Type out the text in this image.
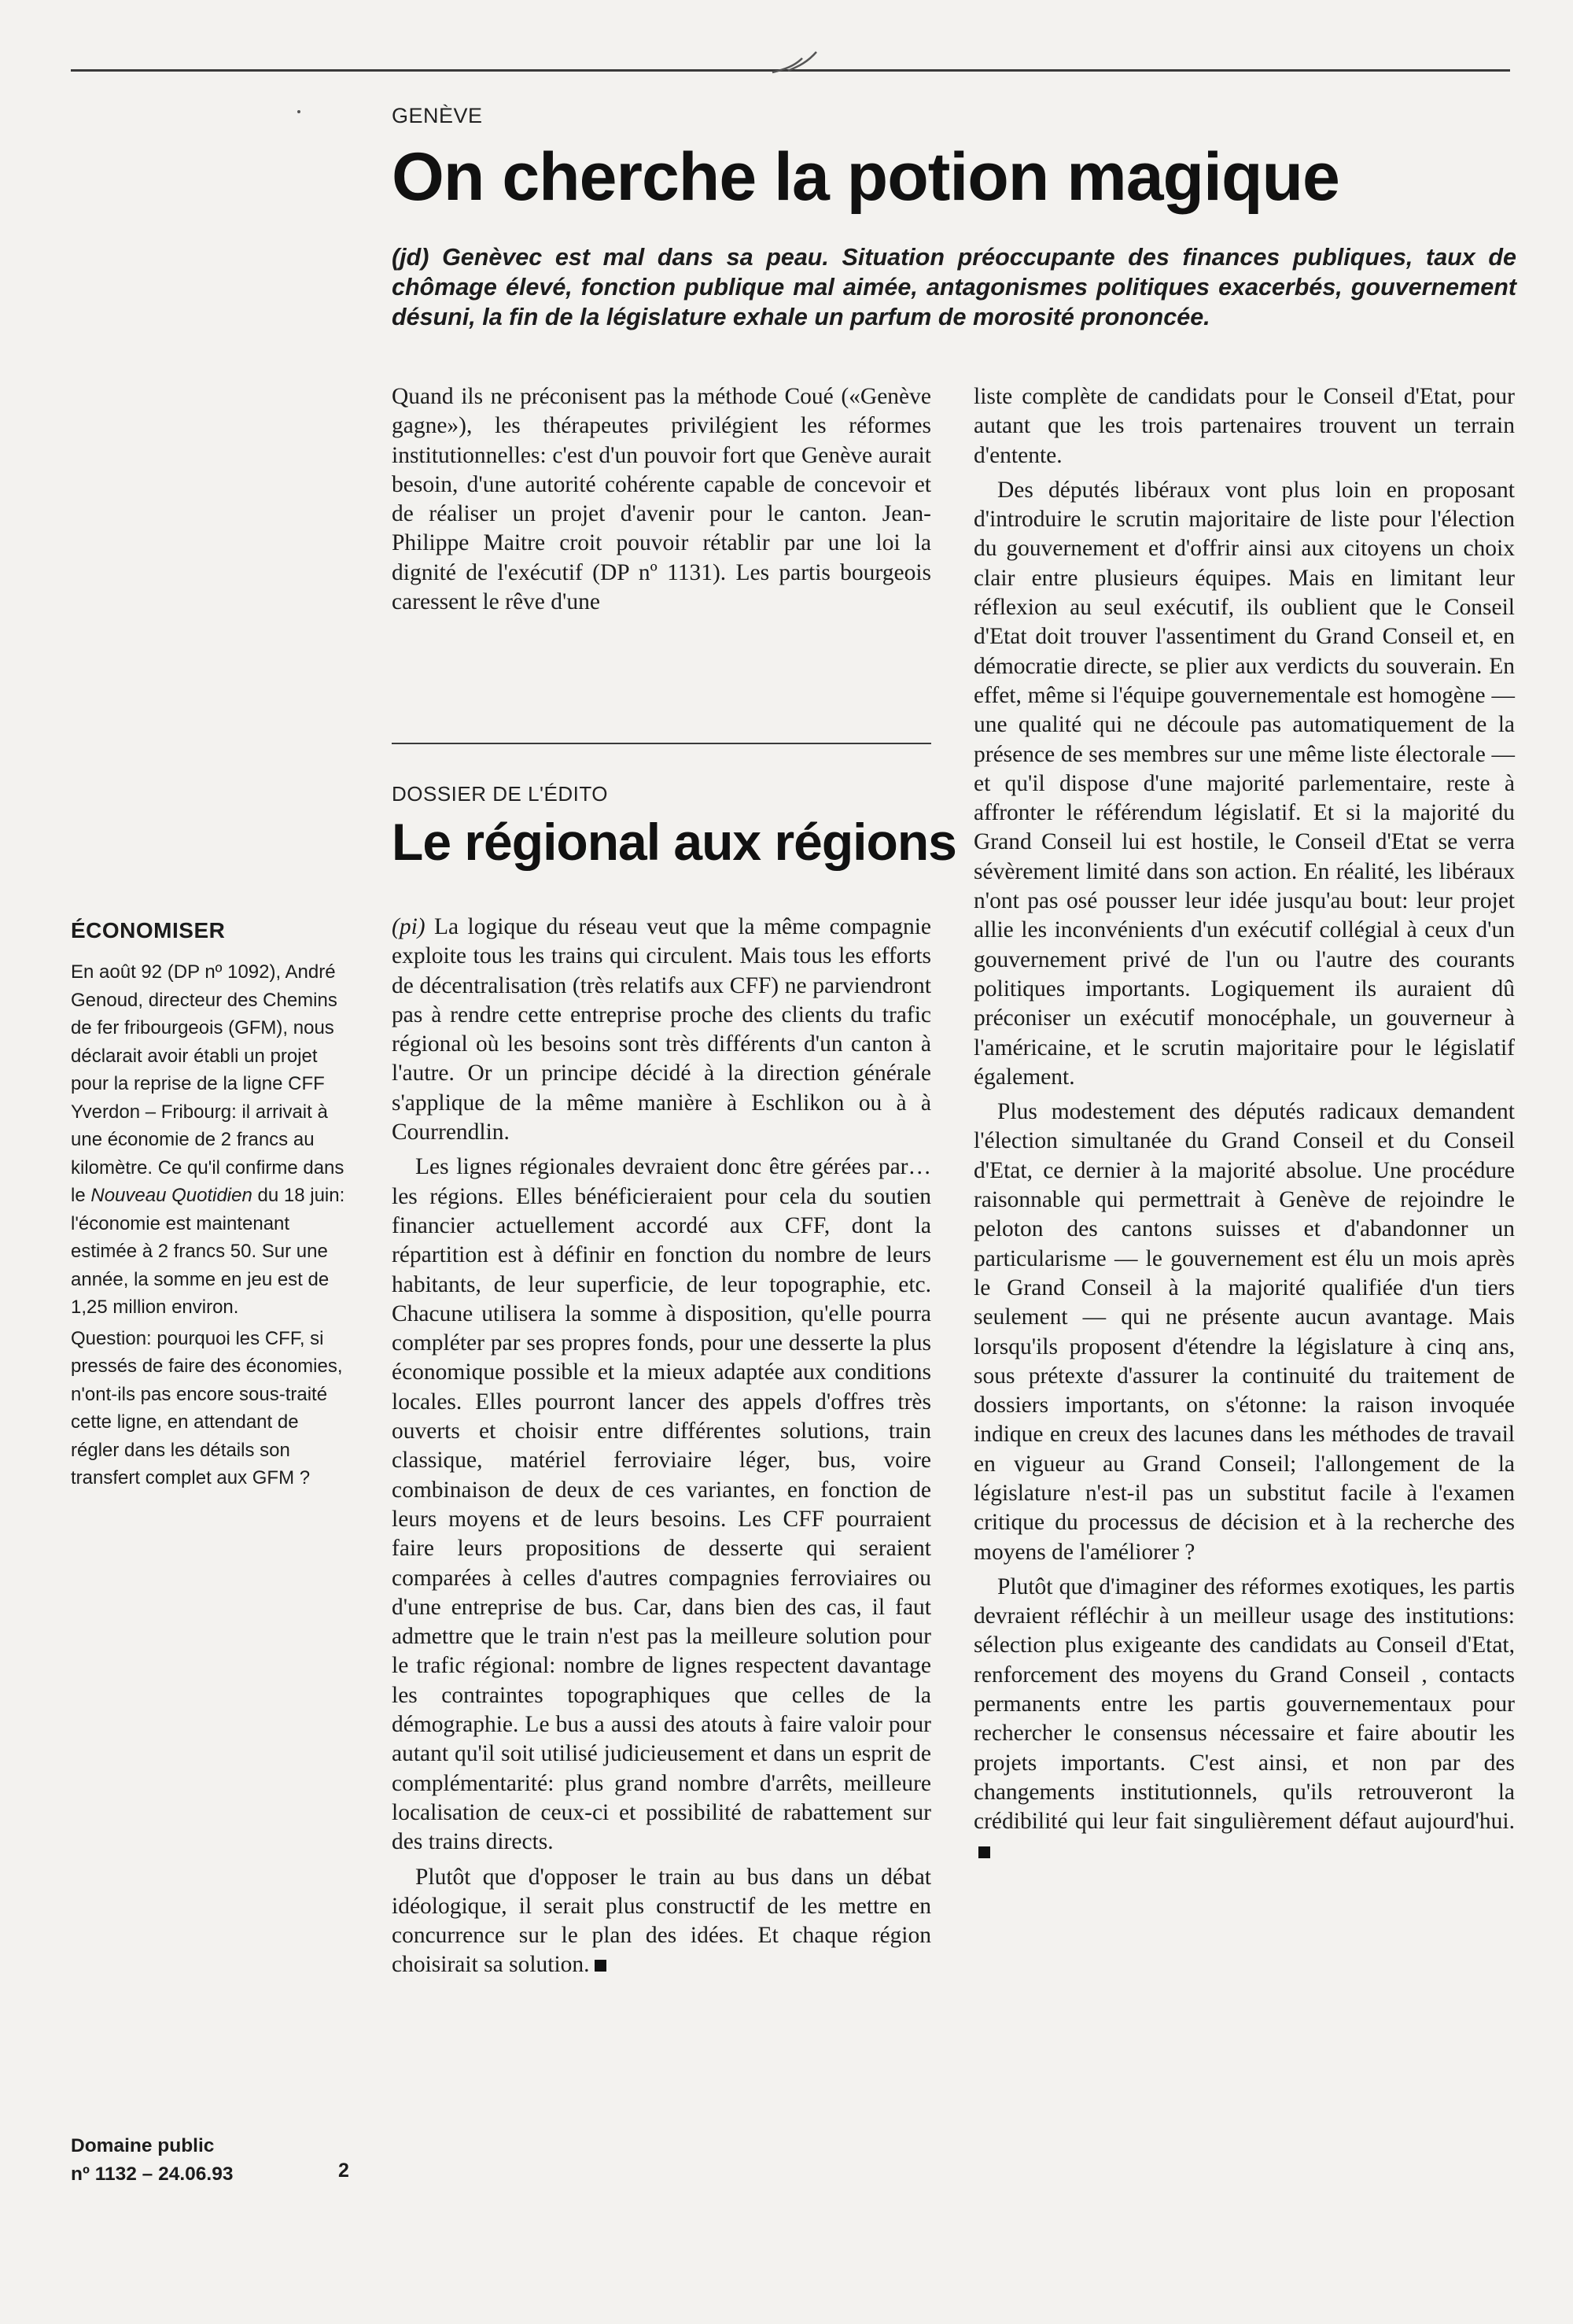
GENÈVE
On cherche la potion magique
(jd) Genèvec est mal dans sa peau. Situation préoccupante des finances publiques, taux de chômage élevé, fonction publique mal aimée, antagonismes politiques exacerbés, gouvernement désuni, la fin de la législature exhale un parfum de morosité prononcée.

Quand ils ne préconisent pas la méthode Coué («Genève gagne»), les thérapeutes privilégient les réformes institutionnelles: c'est d'un pouvoir fort que Genève aurait besoin, d'une autorité cohérente capable de concevoir et de réaliser un projet d'avenir pour le canton. Jean-Philippe Maitre croit pouvoir rétablir par une loi la dignité de l'exécutif (DP nº 1131). Les partis bourgeois caressent le rêve d'une

liste complète de candidats pour le Conseil d'Etat, pour autant que les trois partenaires trouvent un terrain d'entente.

Des députés libéraux vont plus loin en proposant d'introduire le scrutin majoritaire de liste pour l'élection du gouvernement et d'offrir ainsi aux citoyens un choix clair entre plusieurs équipes. Mais en limitant leur réflexion au seul exécutif, ils oublient que le Conseil d'Etat doit trouver l'assentiment du Grand Conseil et, en démocratie directe, se plier aux verdicts du souverain. En effet, même si l'équipe gouvernementale est homogène — une qualité qui ne découle pas automatiquement de la présence de ses membres sur une même liste électorale — et qu'il dispose d'une majorité parlementaire, reste à affronter le référendum législatif. Et si la majorité du Grand Conseil lui est hostile, le Conseil d'Etat se verra sévèrement limité dans son action. En réalité, les libéraux n'ont pas osé pousser leur idée jusqu'au bout: leur projet allie les inconvénients d'un exécutif collégial à ceux d'un gouvernement privé de l'un ou l'autre des courants politiques importants. Logiquement ils auraient dû préconiser un exécutif monocéphale, un gouverneur à l'américaine, et le scrutin majoritaire pour le législatif également.

Plus modestement des députés radicaux demandent l'élection simultanée du Grand Conseil et du Conseil d'Etat, ce dernier à la majorité absolue. Une procédure raisonnable qui permettrait à Genève de rejoindre le peloton des cantons suisses et d'abandonner un particularisme — le gouvernement est élu un mois après le Grand Conseil à la majorité qualifiée d'un tiers seulement — qui ne présente aucun avantage. Mais lorsqu'ils proposent d'étendre la législature à cinq ans, sous prétexte d'assurer la continuité du traitement de dossiers importants, on s'étonne: la raison invoquée indique en creux des lacunes dans les méthodes de travail en vigueur au Grand Conseil; l'allongement de la législature n'est-il pas un substitut facile à l'examen critique du processus de décision et à la recherche des moyens de l'améliorer ?

Plutôt que d'imaginer des réformes exotiques, les partis devraient réfléchir à un meilleur usage des institutions: sélection plus exigeante des candidats au Conseil d'Etat, renforcement des moyens du Grand Conseil , contacts permanents entre les partis gouvernementaux pour rechercher le consensus nécessaire et faire aboutir les projets importants. C'est ainsi, et non par des changements institutionnels, qu'ils retrouveront la crédibilité qui leur fait singulièrement défaut aujourd'hui.

DOSSIER DE L'ÉDITO
Le régional aux régions

(pi) La logique du réseau veut que la même compagnie exploite tous les trains qui circulent. Mais tous les efforts de décentralisation (très relatifs aux CFF) ne parviendront pas à rendre cette entreprise proche des clients du trafic régional où les besoins sont très différents d'un canton à l'autre. Or un principe décidé à la direction générale s'applique de la même manière à Eschlikon ou à à Courrendlin.

Les lignes régionales devraient donc être gérées par… les régions. Elles bénéficieraient pour cela du soutien financier actuellement accordé aux CFF, dont la répartition est à définir en fonction du nombre de leurs habitants, de leur superficie, de leur topographie, etc. Chacune utilisera la somme à disposition, qu'elle pourra compléter par ses propres fonds, pour une desserte la plus économique possible et la mieux adaptée aux conditions locales. Elles pourront lancer des appels d'offres très ouverts et choisir entre différentes solutions, train classique, matériel ferroviaire léger, bus, voire combinaison de deux de ces variantes, en fonction de leurs moyens et de leurs besoins. Les CFF pourraient faire leurs propositions de desserte qui seraient comparées à celles d'autres compagnies ferroviaires ou d'une entreprise de bus. Car, dans bien des cas, il faut admettre que le train n'est pas la meilleure solution pour le trafic régional: nombre de lignes respectent davantage les contraintes topographiques que celles de la démographie. Le bus a aussi des atouts à faire valoir pour autant qu'il soit utilisé judicieusement et dans un esprit de complémentarité: plus grand nombre d'arrêts, meilleure localisation de ceux-ci et possibilité de rabattement sur des trains directs.

Plutôt que d'opposer le train au bus dans un débat idéologique, il serait plus constructif de les mettre en concurrence sur le plan des idées. Et chaque région choisirait sa solution.

ÉCONOMISER

En août 92 (DP nº 1092), André Genoud, directeur des Chemins de fer fribourgeois (GFM), nous déclarait avoir établi un projet pour la reprise de la ligne CFF Yverdon – Fribourg: il arrivait à une économie de 2 francs au kilomètre. Ce qu'il confirme dans le Nouveau Quotidien du 18 juin: l'économie est maintenant estimée à 2 francs 50. Sur une année, la somme en jeu est de 1,25 million environ.

Question: pourquoi les CFF, si pressés de faire des économies, n'ont-ils pas encore sous-traité cette ligne, en attendant de régler dans les détails son transfert complet aux GFM ?

Domaine public
nº 1132 – 24.06.93	2
